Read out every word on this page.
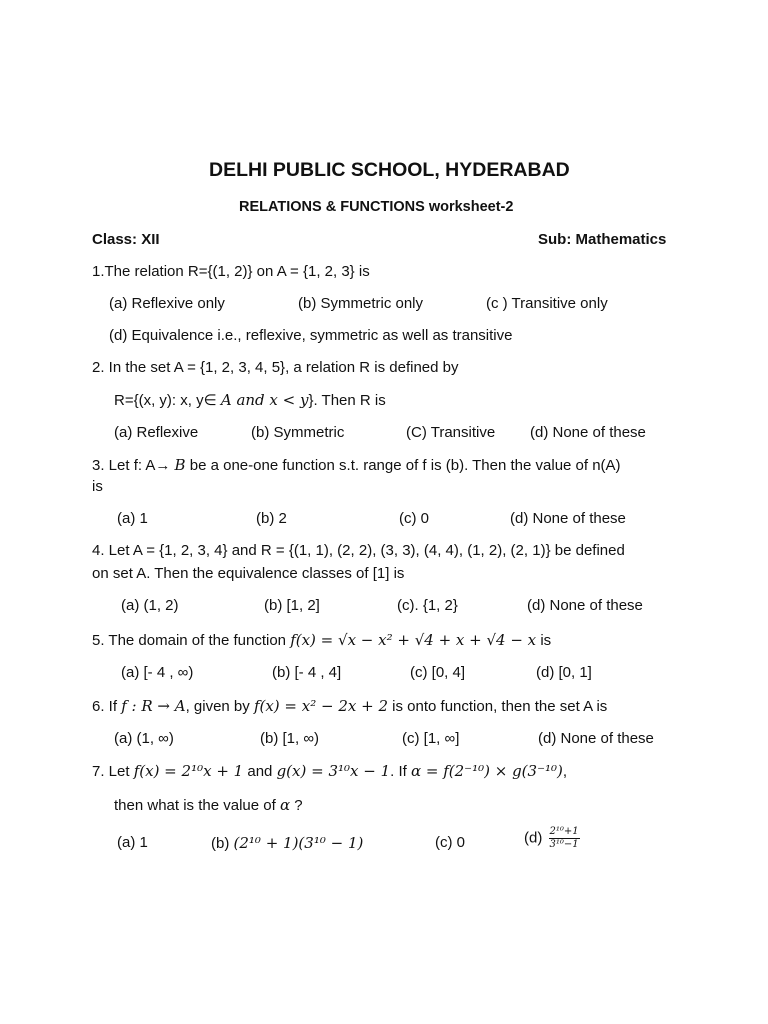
DELHI PUBLIC SCHOOL, HYDERABAD
RELATIONS & FUNCTIONS worksheet-2
Class: XII	Sub: Mathematics
1.The relation R={(1, 2)} on A = {1, 2, 3} is
(a) Reflexive only	(b) Symmetric only	(c ) Transitive only
(d) Equivalence i.e., reflexive, symmetric as well as transitive
2. In the set A = {1, 2, 3, 4, 5}, a relation R is defined by
R={(x, y): x, y∈ A and x < y}. Then R is
(a) Reflexive	(b) Symmetric	(C) Transitive (d) None of these
3. Let f: A→ B be a one-one function s.t. range of f is (b). Then the value of n(A)
is
(a) 1	(b) 2	(c) 0	(d) None of these
4. Let A = {1, 2, 3, 4} and R = {(1, 1), (2, 2), (3, 3), (4, 4), (1, 2), (2, 1)} be defined
on set A. Then the equivalence classes of [1] is
(a) (1, 2)	(b) [1, 2]	(c). {1, 2}	(d) None of these
5. The domain of the function f(x) = √x − x² + √4 + x + √4 − x is
(a) [- 4 , ∞)	(b) [- 4 , 4]	(c) [0, 4]	(d) [0, 1]
6. If f : R → A, given by f(x) = x² − 2x + 2 is onto function, then the set A is
(a) (1, ∞)	(b) [1, ∞)	(c) [1, ∞]	(d) None of these
7. Let f(x) = 2¹⁰x + 1 and g(x) = 3¹⁰x − 1. If α = f(2⁻¹⁰) × g(3⁻¹⁰),
then what is the value of α ?
(a) 1	(b) (2¹⁰ + 1)(3¹⁰ − 1)	(c) 0	$(d) \frac{\text{2¹⁰+1}}{\text{3¹⁰−1}}$
